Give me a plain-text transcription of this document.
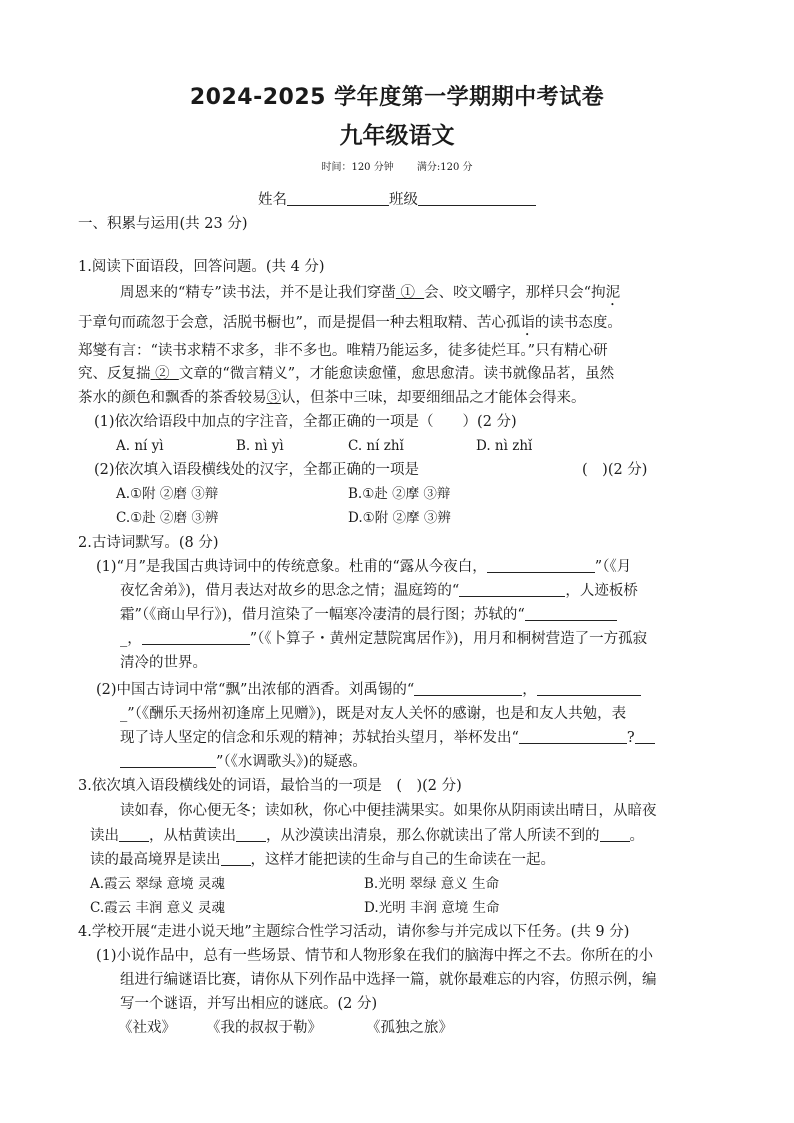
2024-2025 学年度第一学期期中考试卷
九年级语文
时间：120 分钟 满分:120 分
姓名	班级
一、积累与运用(共 23 分)
1.阅读下面语段，回答问题。(共 4 分)
周恩来的“精专”读书法，并不是让我们穿凿 ① 会、咬文嚼字，那样只会“拘泥
于章句而疏忽于会意，活脱书橱也”，而是提倡一种去粗取精、苦心孤诣的读书态度。
郑燮有言：“读书求精不求多，非不多也。唯精乃能运多，徒多徒烂耳。”只有精心研
究、反复揣 ② 文章的“微言精义”，才能愈读愈懂，愈思愈清。读书就像品茗，虽然
茶水的颜色和飘香的茶香较易③认，但茶中三味，却要细细品之才能体会得来。
(1)依次给语段中加点的字注音，全都正确的一项是（　　）(2 分)
A. ní yì	B. nì yì	C. ní zhǐ	D. nì zhǐ
(2)依次填入语段横线处的汉字，全都正确的一项是	(　)(2 分)
A.①附 ②磨 ③辩	B.①赴 ②摩 ③辩
C.①赴 ②磨 ③辨	D.①附 ②摩 ③辨
2.古诗词默写。(8 分)
(1)“月”是我国古典诗词中的传统意象。杜甫的“露从今夜白，	”（《月
夜忆舍弟》)，借月表达对故乡的思念之情；温庭筠的“	，人迹板桥
霜”（《商山早行》)，借月渲染了一幅寒冷凄清的晨行图；苏轼的“
_，	”（《卜算子・黄州定慧院寓居作》)，用月和桐树营造了一方孤寂
清冷的世界。
(2)中国古诗词中常“飘”出浓郁的酒香。刘禹锡的“	，
_”（《酬乐天扬州初逢席上见赠》)，既是对友人关怀的感谢，也是和友人共勉，表
现了诗人坚定的信念和乐观的精神；苏轼抬头望月，举杯发出“	?
”（《水调歌头》)的疑惑。
3.依次填入语段横线处的词语，最恰当的一项是　(　)(2 分)
读如春，你心便无冬；读如秋，你心中便挂满果实。如果你从阴雨读出晴日，从暗夜
读出 ，从枯黄读出 ，从沙漠读出清泉，那么你就读出了常人所读不到的 。
读的最高境界是读出 ，这样才能把读的生命与自己的生命读在一起。
A.霞云 翠绿 意境 灵魂	B.光明 翠绿 意义 生命
C.霞云 丰润 意义 灵魂	D.光明 丰润 意境 生命
4.学校开展“走进小说天地”主题综合性学习活动，请你参与并完成以下任务。(共 9 分)
(1)小说作品中，总有一些场景、情节和人物形象在我们的脑海中挥之不去。你所在的小
组进行编谜语比赛，请你从下列作品中选择一篇，就你最难忘的内容，仿照示例，编
写一个谜语，并写出相应的谜底。(2 分)
《社戏》 《我的叔叔于勒》	《孤独之旅》
